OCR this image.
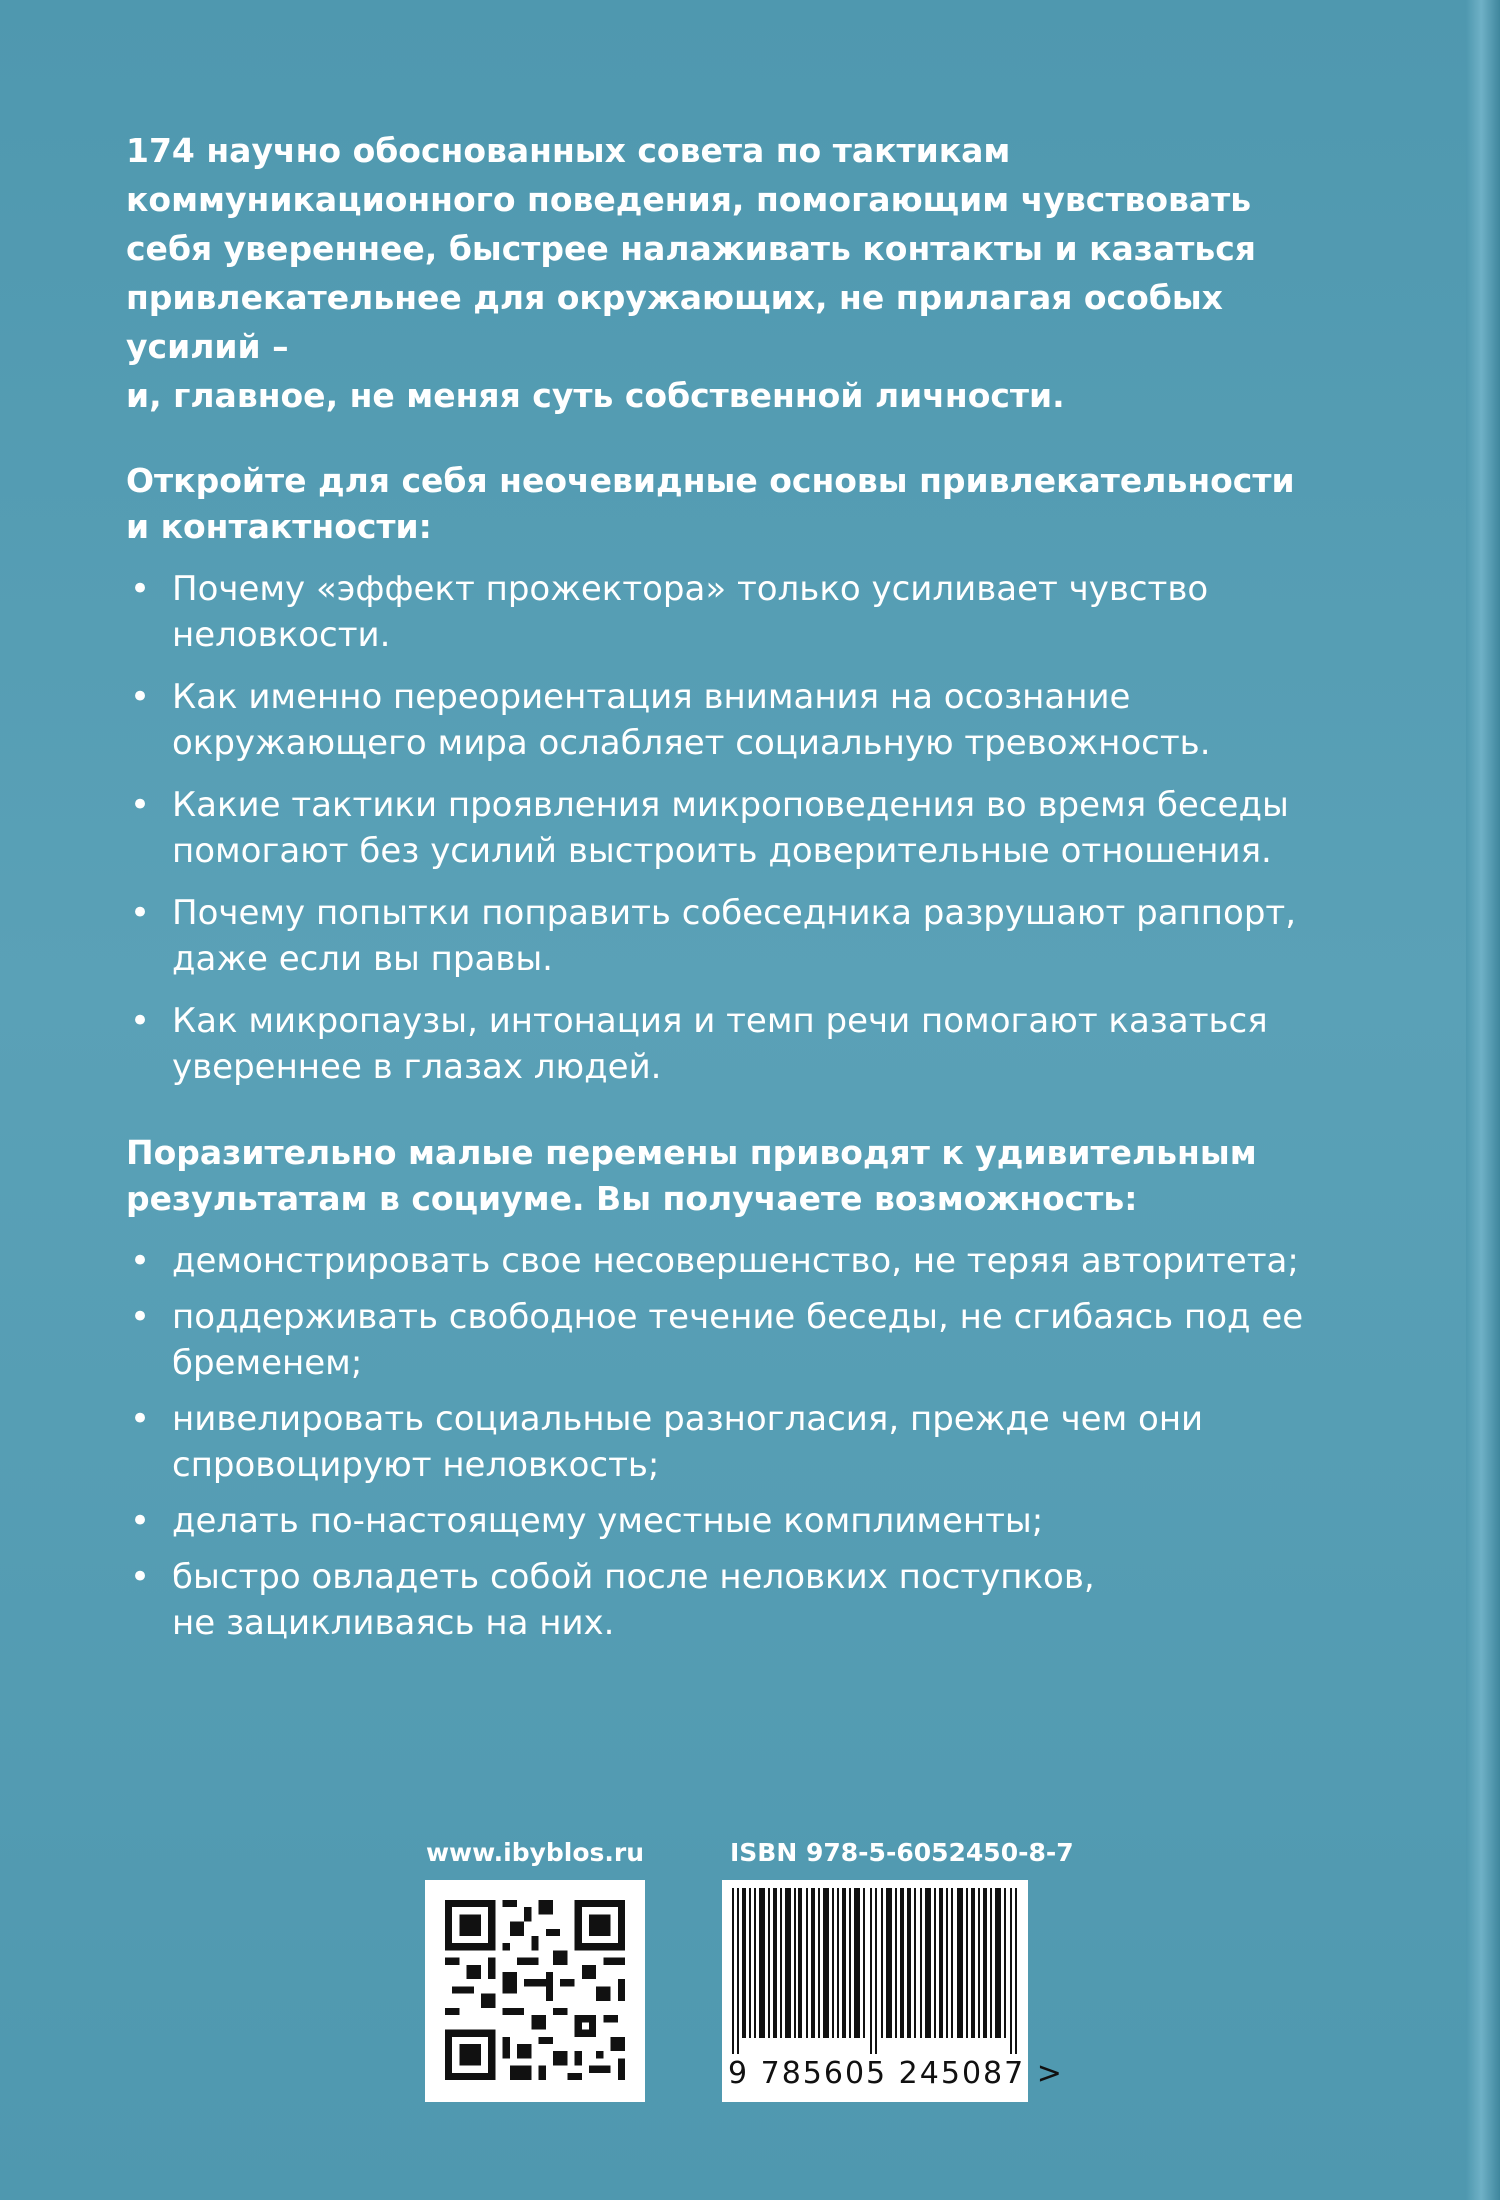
174 научно обоснованных совета по тактикам
коммуникационного поведения, помогающим чувствовать
себя увереннее, быстрее налаживать контакты и казаться
привлекательнее для окружающих, не прилагая особых усилий –
и, главное, не меняя суть собственной личности.

Откройте для себя неочевидные основы привлекательности
и контактности:

• Почему «эффект прожектора» только усиливает чувство
неловкости.
• Как именно переориентация внимания на осознание
окружающего мира ослабляет социальную тревожность.
• Какие тактики проявления микроповедения во время беседы
помогают без усилий выстроить доверительные отношения.
• Почему попытки поправить собеседника разрушают раппорт,
даже если вы правы.
• Как микропаузы, интонация и темп речи помогают казаться
увереннее в глазах людей.

Поразительно малые перемены приводят к удивительным
результатам в социуме. Вы получаете возможность:

• демонстрировать свое несовершенство, не теряя авторитета;
• поддерживать свободное течение беседы, не сгибаясь под ее
бременем;
• нивелировать социальные разногласия, прежде чем они
спровоцируют неловкость;
• делать по-настоящему уместные комплименты;
• быстро овладеть собой после неловких поступков,
не зацикливаясь на них.
www.ibyblos.ru	ISBN 978-5-6052450-8-7
9 785605 245087 >
